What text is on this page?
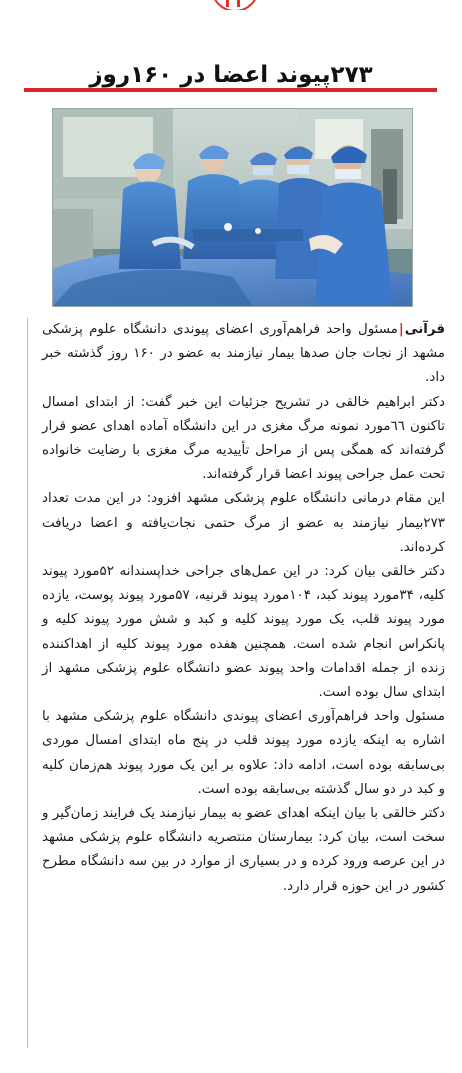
۲۷۳پیوند اعضا در ۱۶۰روز

قرآنی|مسئول واحد فراهم‌آوری اعضای پیوندی دانشگاه علوم پزشکی مشهد از نجات جان صدها بیمار نیازمند به عضو در ۱۶۰ روز گذشته خبر داد.

دکتر ابراهیم خالقی در تشریح جزئیات این خبر گفت: از ابتدای امسال تاکنون ٦٦مورد نمونه مرگ مغزی در این دانشگاه آماده اهدای عضو قرار گرفته‌اند که همگی پس از مراحل تأییدیه مرگ مغزی با رضایت خانواده تحت عمل جراحی پیوند اعضا قرار گرفته‌اند.

این مقام درمانی دانشگاه علوم پزشکی مشهد افزود: در این مدت تعداد ۲۷۳بیمار نیازمند به عضو از مرگ حتمی نجات‌یافته و اعضا دریافت کرده‌اند.

دکتر خالقی بیان کرد: در این عمل‌های جراحی خداپسندانه ۵۲مورد پیوند کلیه، ۳۴مورد پیوند کبد، ۱۰۴مورد پیوند قرنیه، ۵۷مورد پیوند پوست، یازده مورد پیوند قلب، یک مورد پیوند کلیه و کبد و شش مورد پیوند کلیه و پانکراس انجام شده است. همچنین هفده مورد پیوند کلیه از اهداکننده زنده از جمله اقدامات واحد پیوند عضو دانشگاه علوم پزشکی مشهد از ابتدای سال بوده است.

مسئول واحد فراهم‌آوری اعضای پیوندی دانشگاه علوم پزشکی مشهد با اشاره به اینکه یازده مورد پیوند قلب در پنج ماه ابتدای امسال موردی بی‌سابقه بوده است، ادامه داد: علاوه بر این یک مورد پیوند هم‌زمان کلیه و کبد در دو سال گذشته بی‌سابقه بوده است.

دکتر خالقی با بیان اینکه اهدای عضو به بیمار نیازمند یک فرایند زمان‌گیر و سخت است، بیان کرد: بیمارستان منتصریه دانشگاه علوم پزشکی مشهد در این عرصه ورود کرده و در بسیاری از موارد در بین سه دانشگاه مطرح کشور در این حوزه قرار دارد.
